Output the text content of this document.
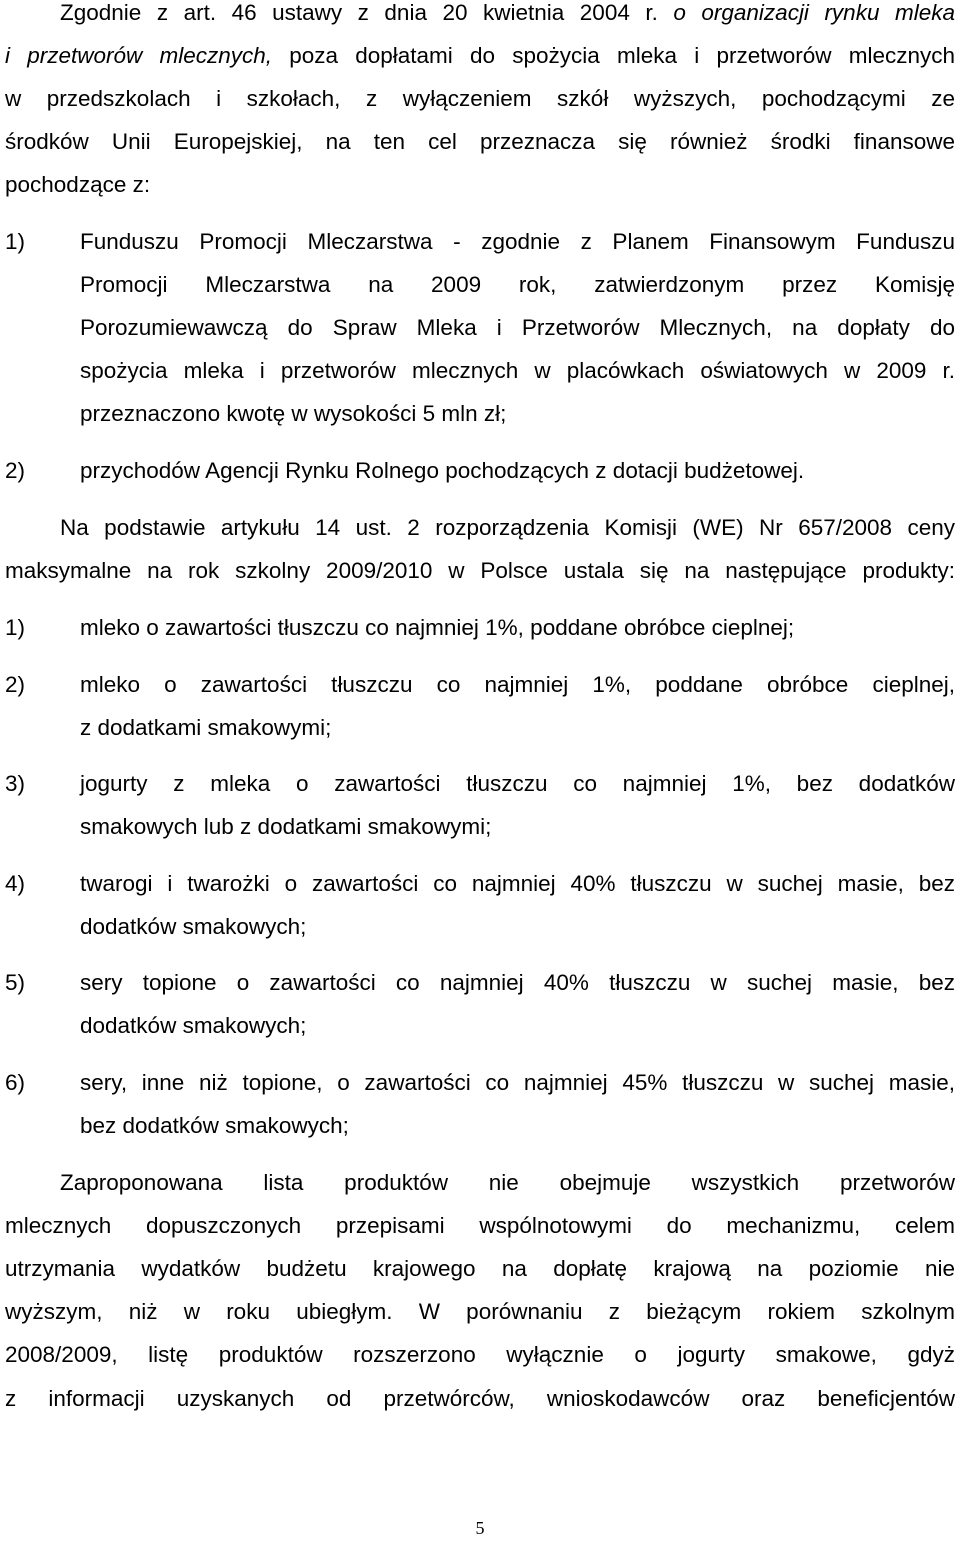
Zgodnie z art. 46 ustawy z dnia 20 kwietnia 2004 r. o organizacji rynku mleka
i przetworów mlecznych, poza dopłatami do spożycia mleka i przetworów mlecznych
w przedszkolach i szkołach, z wyłączeniem szkół wyższych, pochodzącymi ze
środków Unii Europejskiej, na ten cel przeznacza się również środki finansowe
pochodzące z:
1)	Funduszu Promocji Mleczarstwa - zgodnie z Planem Finansowym Funduszu
Promocji Mleczarstwa na 2009 rok, zatwierdzonym przez Komisję
Porozumiewawczą do Spraw Mleka i Przetworów Mlecznych, na dopłaty do
spożycia mleka i przetworów mlecznych w placówkach oświatowych w 2009 r.
przeznaczono kwotę w wysokości 5 mln zł;
2)	przychodów Agencji Rynku Rolnego pochodzących z dotacji budżetowej.
Na podstawie artykułu 14 ust. 2 rozporządzenia Komisji (WE) Nr 657/2008 ceny
maksymalne na rok szkolny 2009/2010 w Polsce ustala się na następujące produkty:
1)	mleko o zawartości tłuszczu co najmniej 1%, poddane obróbce cieplnej;
2)	mleko o zawartości tłuszczu co najmniej 1%, poddane obróbce cieplnej,
z dodatkami smakowymi;
3)	jogurty z mleka o zawartości tłuszczu co najmniej 1%, bez dodatków
smakowych lub z dodatkami smakowymi;
4)	twarogi i twarożki o zawartości co najmniej 40% tłuszczu w suchej masie, bez
dodatków smakowych;
5)	sery topione o zawartości co najmniej 40% tłuszczu w suchej masie, bez
dodatków smakowych;
6)	sery, inne niż topione, o zawartości co najmniej 45% tłuszczu w suchej masie,
bez dodatków smakowych;
Zaproponowana lista produktów nie obejmuje wszystkich przetworów
mlecznych dopuszczonych przepisami wspólnotowymi do mechanizmu, celem
utrzymania wydatków budżetu krajowego na dopłatę krajową na poziomie nie
wyższym, niż w roku ubiegłym. W porównaniu z bieżącym rokiem szkolnym
2008/2009, listę produktów rozszerzono wyłącznie o jogurty smakowe, gdyż
z informacji uzyskanych od przetwórców, wnioskodawców oraz beneficjentów
5
